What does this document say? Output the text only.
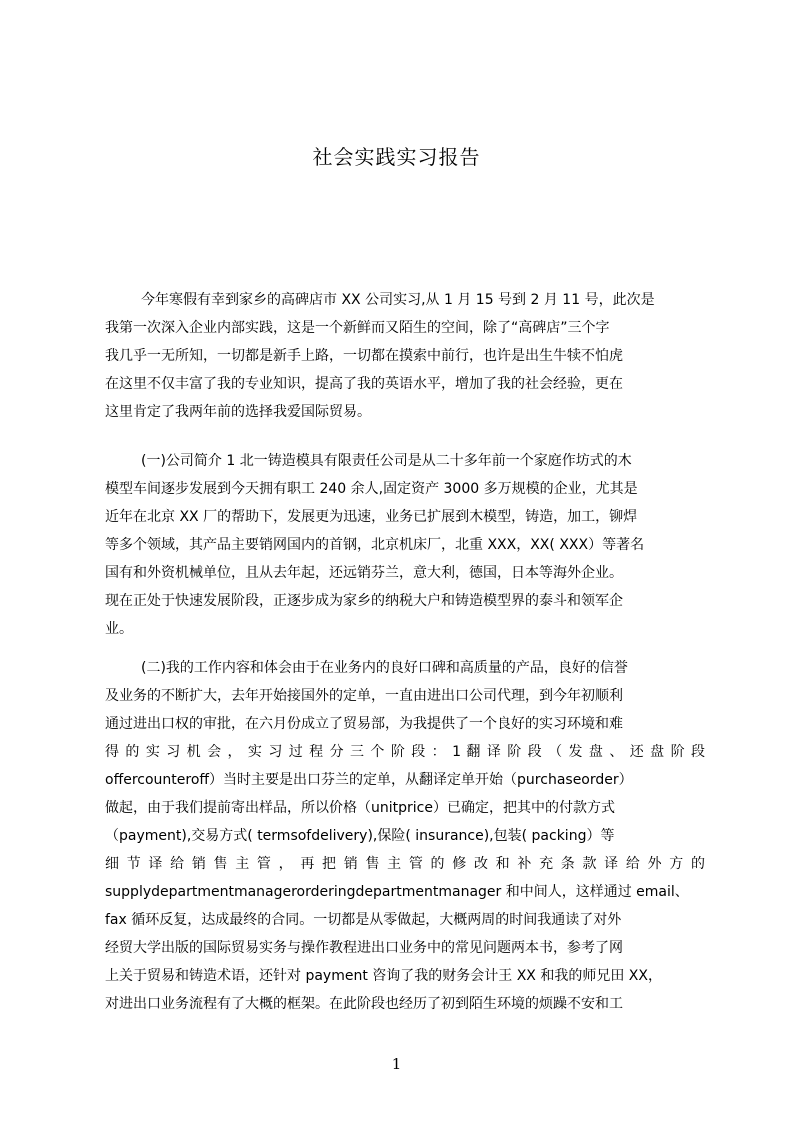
社会实践实习报告
今年寒假有幸到家乡的高碑店市 XX 公司实习,从 1 月 15 号到 2 月 11 号，此次是
我第一次深入企业内部实践，这是一个新鲜而又陌生的空间，除了“高碑店”三个字
我几乎一无所知，一切都是新手上路，一切都在摸索中前行，也许是出生牛犊不怕虎
在这里不仅丰富了我的专业知识，提高了我的英语水平，增加了我的社会经验，更在
这里肯定了我两年前的选择我爱国际贸易。
(一)公司简介 1 北一铸造模具有限责任公司是从二十多年前一个家庭作坊式的木
模型车间逐步发展到今天拥有职工 240 余人,固定资产 3000 多万规模的企业，尤其是
近年在北京 XX 厂的帮助下，发展更为迅速，业务已扩展到木模型，铸造，加工，铆焊
等多个领域，其产品主要销网国内的首钢，北京机床厂，北重 XXX，XX( XXX）等著名
国有和外资机械单位，且从去年起，还远销芬兰，意大利，德国，日本等海外企业。
现在正处于快速发展阶段，正逐步成为家乡的纳税大户和铸造模型界的泰斗和领军企
业。
(二)我的工作内容和体会由于在业务内的良好口碑和高质量的产品，良好的信誉
及业务的不断扩大，去年开始接国外的定单，一直由进出口公司代理，到今年初顺利
通过进出口权的审批，在六月份成立了贸易部，为我提供了一个良好的实习环境和难
得 的 实 习 机 会 ， 实 习 过 程 分 三 个 阶 段 ： 1 翻 译 阶 段 （ 发 盘 、 还 盘 阶 段
offercounteroff）当时主要是出口芬兰的定单，从翻译定单开始（purchaseorder）
做起，由于我们提前寄出样品，所以价格（unitprice）已确定，把其中的付款方式
（payment),交易方式( termsofdelivery),保险( insurance),包装( packing）等
细 节 译 给 销 售 主 管 ， 再 把 销 售 主 管 的 修 改 和 补 充 条 款 译 给 外 方 的
supplydepartmentmanagerorderingdepartmentmanager 和中间人，这样通过 email、
fax 循环反复，达成最终的合同。一切都是从零做起，大概两周的时间我通读了对外
经贸大学出版的国际贸易实务与操作教程进出口业务中的常见问题两本书，参考了网
上关于贸易和铸造术语，还针对 payment 咨询了我的财务会计王 XX 和我的师兄田 XX，
对进出口业务流程有了大概的框架。在此阶段也经历了初到陌生环境的烦躁不安和工
1
